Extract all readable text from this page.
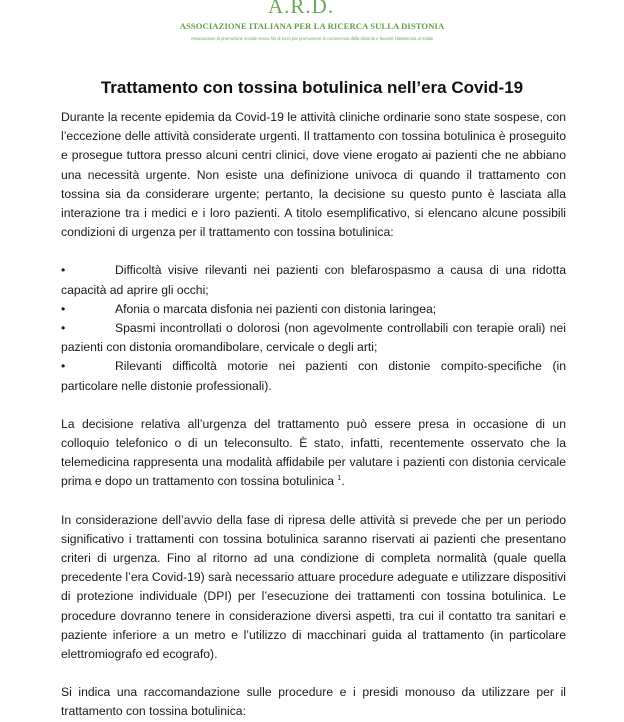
A.R.D.
ASSOCIAZIONE ITALIANA PER LA RICERCA SULLA DISTONIA
Associazione di promozione sociale senza fini di lucro per promuovere la conoscenza della distonia e favorire l’assistenza ai malati
Trattamento con tossina botulinica nell’era Covid-19

Durante la recente epidemia da Covid-19 le attività cliniche ordinarie sono state sospese, con l’eccezione delle attività considerate urgenti. Il trattamento con tossina botulinica è proseguito e prosegue tuttora presso alcuni centri clinici, dove viene erogato ai pazienti che ne abbiano una necessità urgente. Non esiste una definizione univoca di quando il trattamento con tossina sia da considerare urgente; pertanto, la decisione su questo punto è lasciata alla interazione tra i medici e i loro pazienti. A titolo esemplificativo, si elencano alcune possibili condizioni di urgenza per il trattamento con tossina botulinica:

•	Difficoltà visive rilevanti nei pazienti con blefarospasmo a causa di una ridotta capacità ad aprire gli occhi;
•	Afonia o marcata disfonia nei pazienti con distonia laringea;
•	Spasmi incontrollati o dolorosi (non agevolmente controllabili con terapie orali) nei pazienti con distonia oromandibolare, cervicale o degli arti;
•	Rilevanti difficoltà motorie nei pazienti con distonie compito-specifiche (in particolare nelle distonie professionali).

La decisione relativa all’urgenza del trattamento può essere presa in occasione di un colloquio telefonico o di un teleconsulto. È stato, infatti, recentemente osservato che la telemedicina rappresenta una modalità affidabile per valutare i pazienti con distonia cervicale prima e dopo un trattamento con tossina botulinica $^1$.

In considerazione dell’avvio della fase di ripresa delle attività si prevede che per un periodo significativo i trattamenti con tossina botulinica saranno riservati ai pazienti che presentano criteri di urgenza. Fino al ritorno ad una condizione di completa normalità (quale quella precedente l’era Covid-19) sarà necessario attuare procedure adeguate e utilizzare dispositivi di protezione individuale (DPI) per l’esecuzione dei trattamenti con tossina botulinica. Le procedure dovranno tenere in considerazione diversi aspetti, tra cui il contatto tra sanitari e paziente inferiore a un metro e l’utilizzo di macchinari guida al trattamento (in particolare elettromiografo ed ecografo).

Si indica una raccomandazione sulle procedure e i presidi monouso da utilizzare per il trattamento con tossina botulinica:
